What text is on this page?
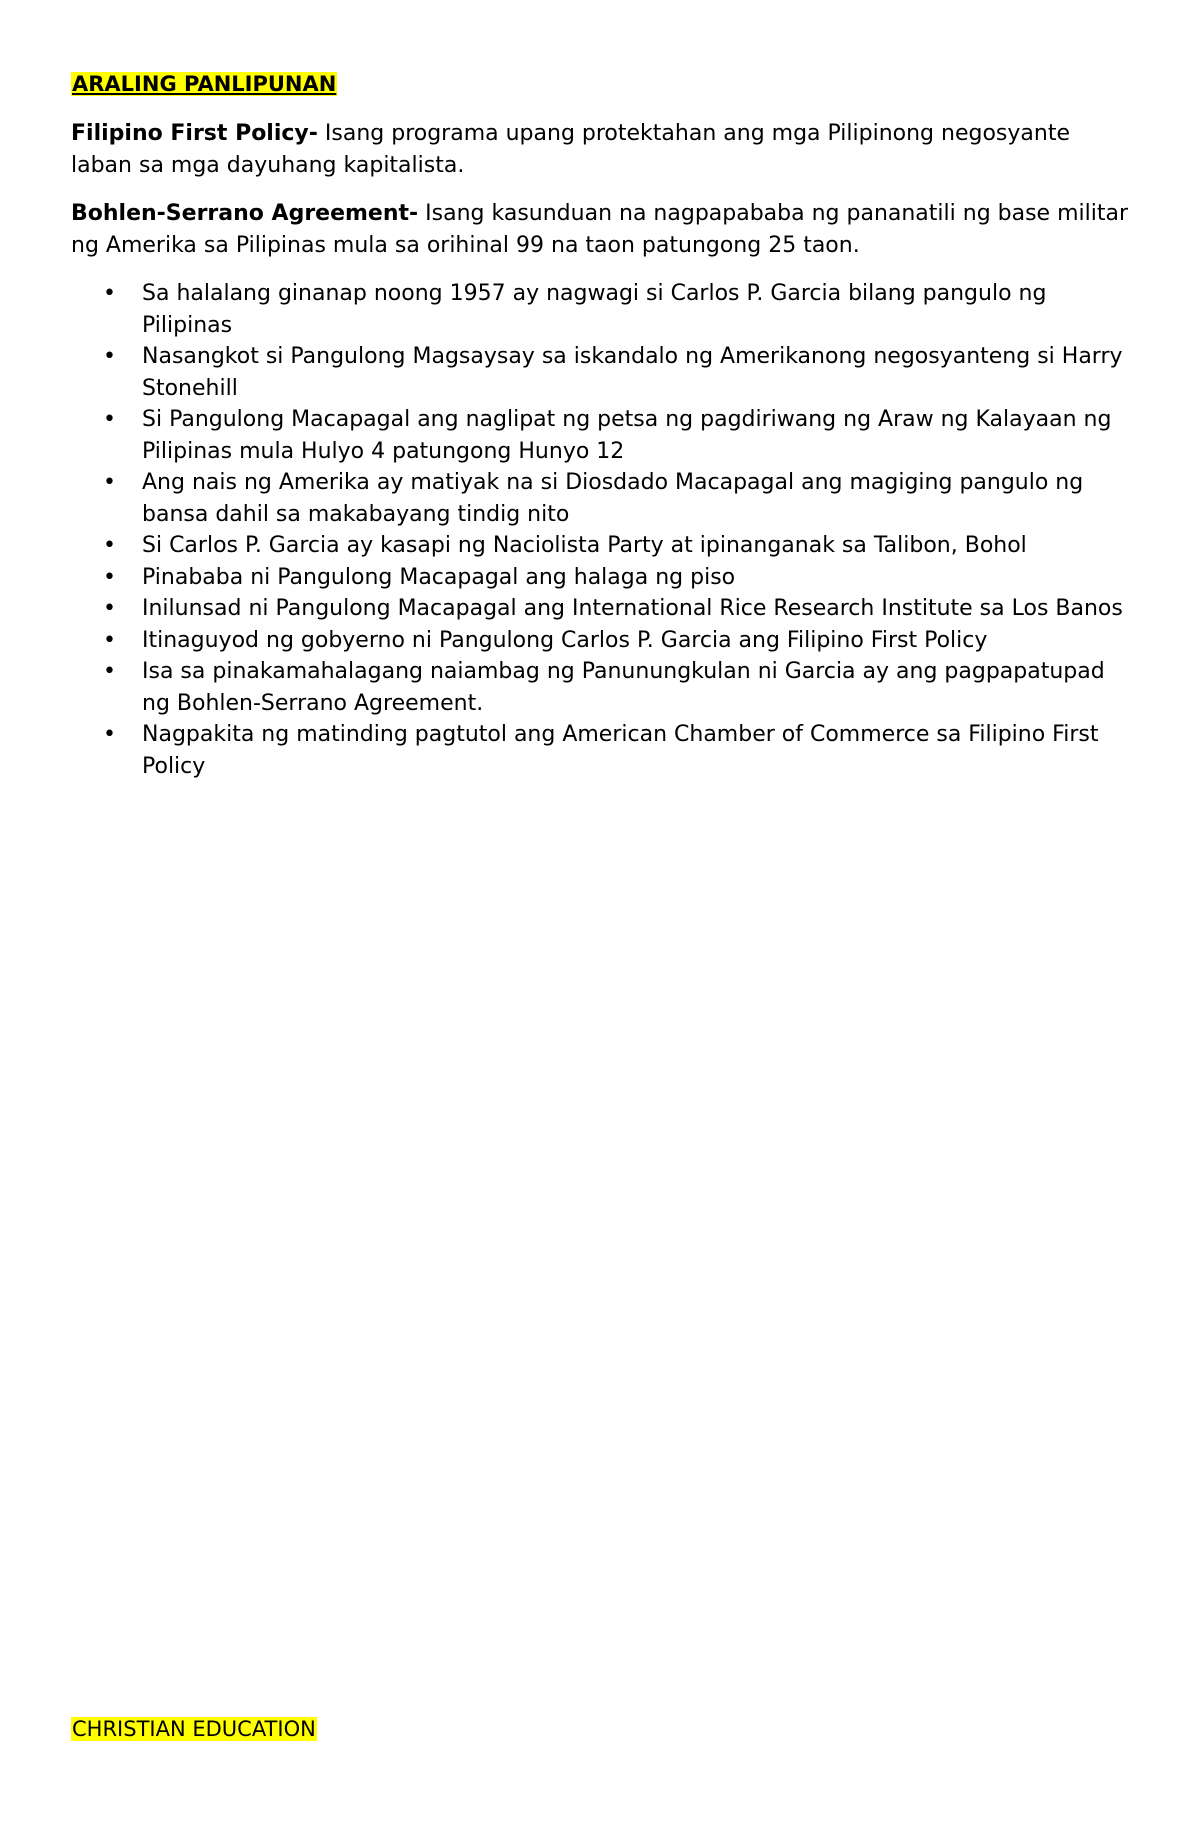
ARALING PANLIPUNAN

Filipino First Policy- Isang programa upang protektahan ang mga Pilipinong negosyante laban sa mga dayuhang kapitalista.

Bohlen-Serrano Agreement- Isang kasunduan na nagpapababa ng pananatili ng base militar ng Amerika sa Pilipinas mula sa orihinal 99 na taon patungong 25 taon.

• Sa halalang ginanap noong 1957 ay nagwagi si Carlos P. Garcia bilang pangulo ng Pilipinas
• Nasangkot si Pangulong Magsaysay sa iskandalo ng Amerikanong negosyanteng si Harry Stonehill
• Si Pangulong Macapagal ang naglipat ng petsa ng pagdiriwang ng Araw ng Kalayaan ng Pilipinas mula Hulyo 4 patungong Hunyo 12
• Ang nais ng Amerika ay matiyak na si Diosdado Macapagal ang magiging pangulo ng bansa dahil sa makabayang tindig nito
• Si Carlos P. Garcia ay kasapi ng Naciolista Party at ipinanganak sa Talibon, Bohol
• Pinababa ni Pangulong Macapagal ang halaga ng piso
• Inilunsad ni Pangulong Macapagal ang International Rice Research Institute sa Los Banos
• Itinaguyod ng gobyerno ni Pangulong Carlos P. Garcia ang Filipino First Policy
• Isa sa pinakamahalagang naiambag ng Panunungkulan ni Garcia ay ang pagpapatupad ng Bohlen-Serrano Agreement.
• Nagpakita ng matinding pagtutol ang American Chamber of Commerce sa Filipino First Policy
CHRISTIAN EDUCATION
